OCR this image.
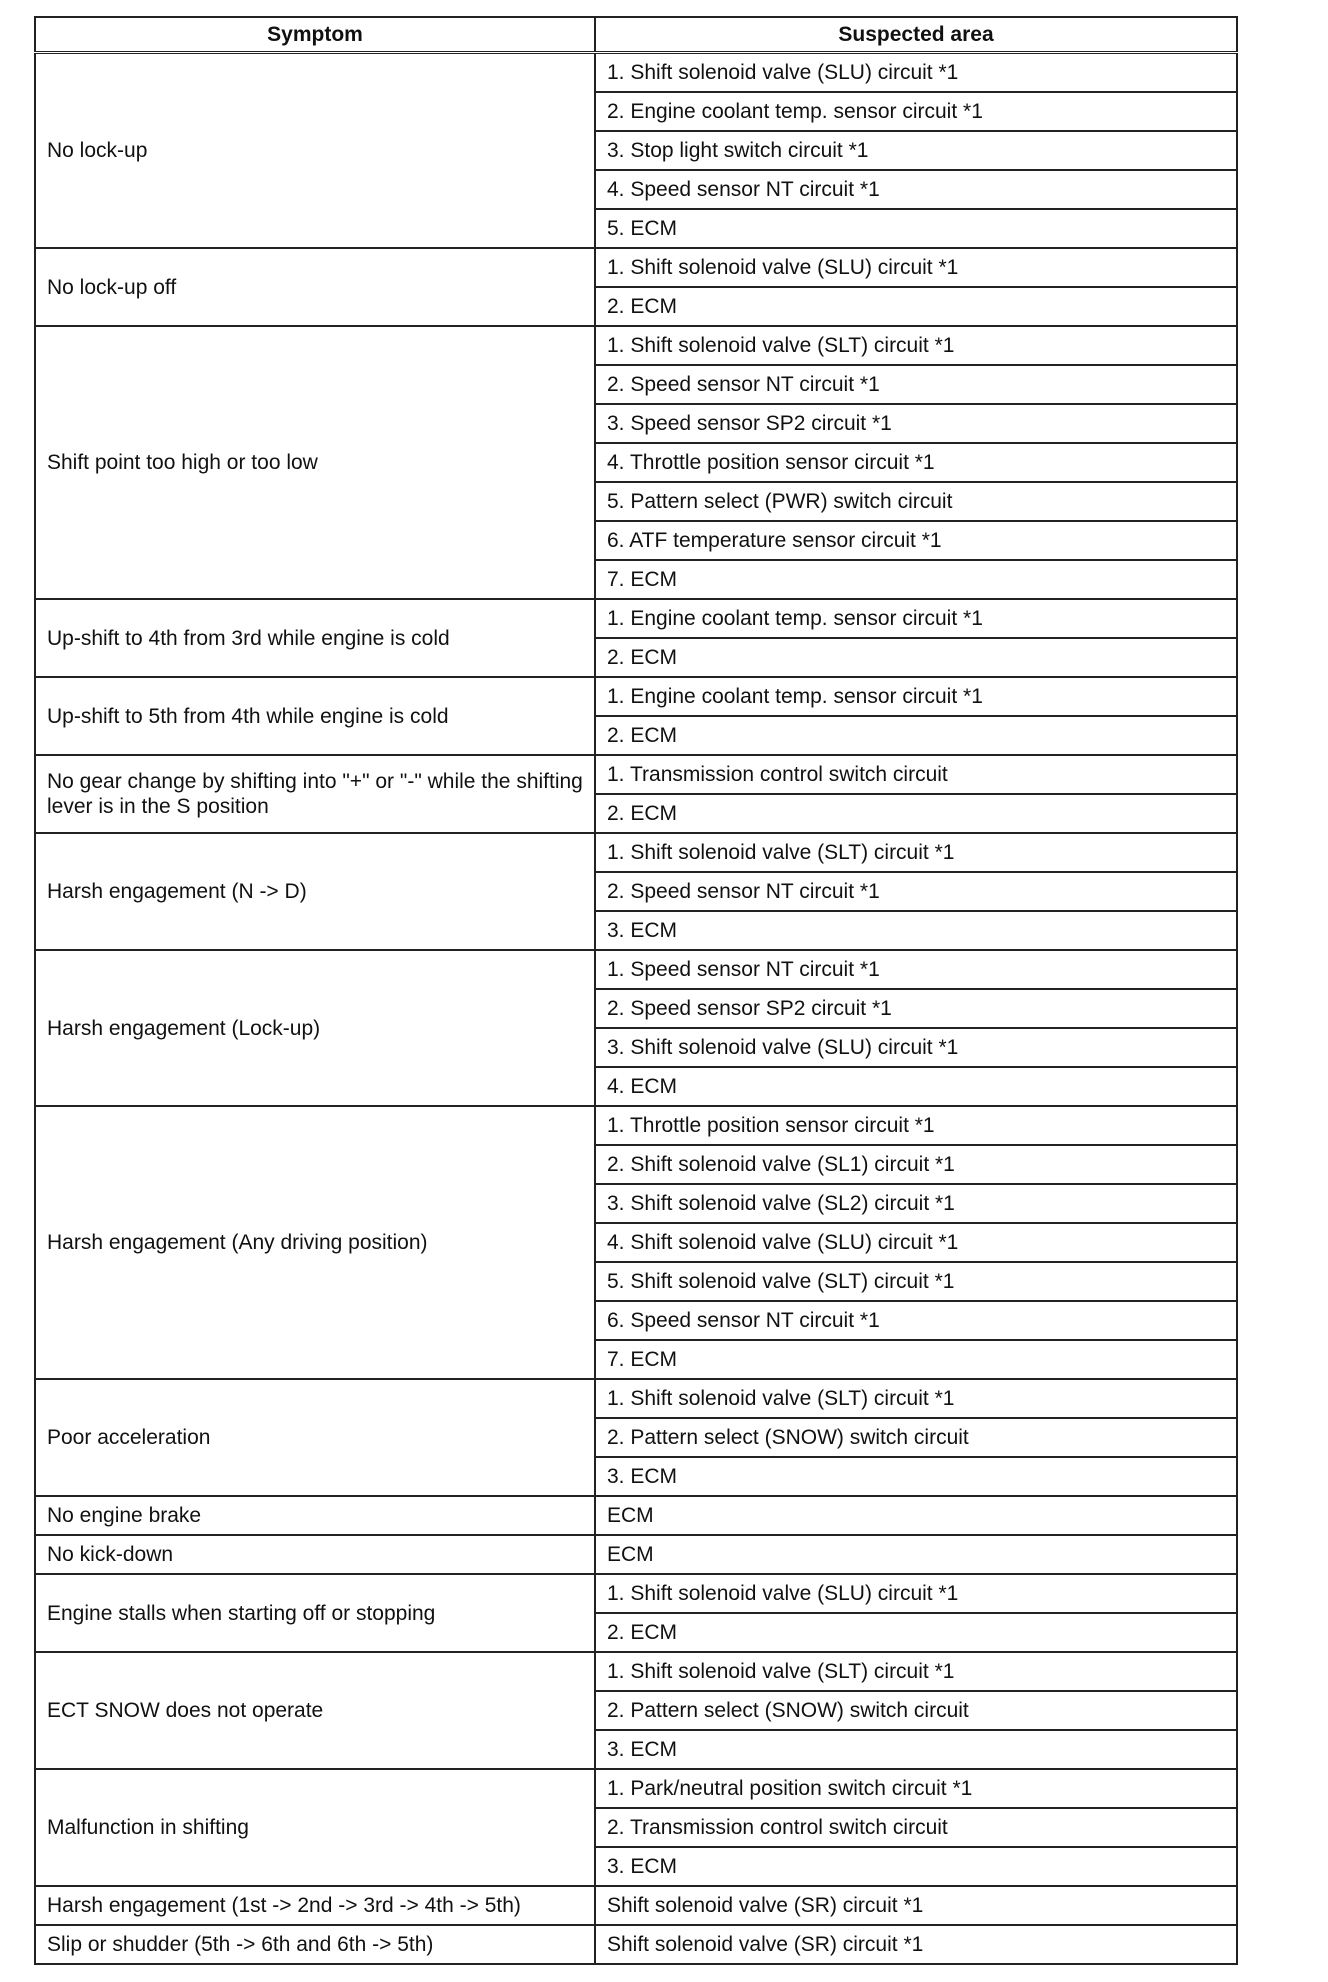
Symptom	Suspected area
No lock-up	1. Shift solenoid valve (SLU) circuit *1
	2. Engine coolant temp. sensor circuit *1
	3. Stop light switch circuit *1
	4. Speed sensor NT circuit *1
	5. ECM
No lock-up off	1. Shift solenoid valve (SLU) circuit *1
	2. ECM
Shift point too high or too low	1. Shift solenoid valve (SLT) circuit *1
	2. Speed sensor NT circuit *1
	3. Speed sensor SP2 circuit *1
	4. Throttle position sensor circuit *1
	5. Pattern select (PWR) switch circuit
	6. ATF temperature sensor circuit *1
	7. ECM
Up-shift to 4th from 3rd while engine is cold	1. Engine coolant temp. sensor circuit *1
	2. ECM
Up-shift to 5th from 4th while engine is cold	1. Engine coolant temp. sensor circuit *1
	2. ECM
No gear change by shifting into "+" or "-" while the shifting lever is in the S position	1. Transmission control switch circuit
	2. ECM
Harsh engagement (N -> D)	1. Shift solenoid valve (SLT) circuit *1
	2. Speed sensor NT circuit *1
	3. ECM
Harsh engagement (Lock-up)	1. Speed sensor NT circuit *1
	2. Speed sensor SP2 circuit *1
	3. Shift solenoid valve (SLU) circuit *1
	4. ECM
Harsh engagement (Any driving position)	1. Throttle position sensor circuit *1
	2. Shift solenoid valve (SL1) circuit *1
	3. Shift solenoid valve (SL2) circuit *1
	4. Shift solenoid valve (SLU) circuit *1
	5. Shift solenoid valve (SLT) circuit *1
	6. Speed sensor NT circuit *1
	7. ECM
Poor acceleration	1. Shift solenoid valve (SLT) circuit *1
	2. Pattern select (SNOW) switch circuit
	3. ECM
No engine brake	ECM
No kick-down	ECM
Engine stalls when starting off or stopping	1. Shift solenoid valve (SLU) circuit *1
	2. ECM
ECT SNOW does not operate	1. Shift solenoid valve (SLT) circuit *1
	2. Pattern select (SNOW) switch circuit
	3. ECM
Malfunction in shifting	1. Park/neutral position switch circuit *1
	2. Transmission control switch circuit
	3. ECM
Harsh engagement (1st -> 2nd -> 3rd -> 4th -> 5th)	Shift solenoid valve (SR) circuit *1
Slip or shudder (5th -> 6th and 6th -> 5th)	Shift solenoid valve (SR) circuit *1
